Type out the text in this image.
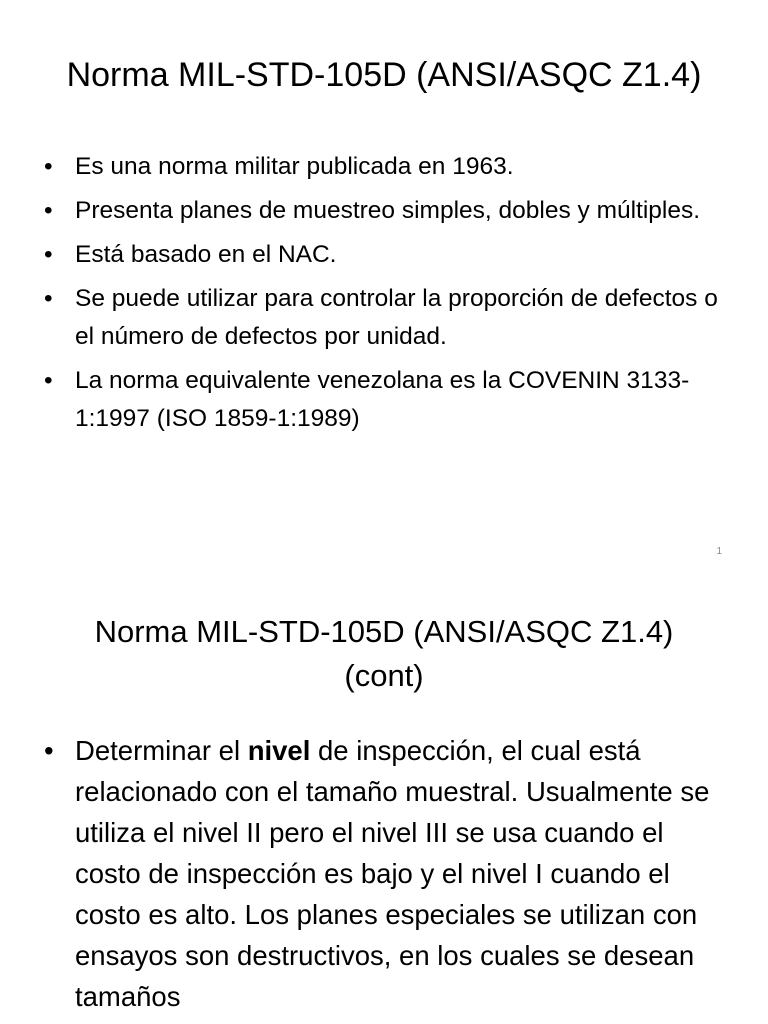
Norma MIL-STD-105D (ANSI/ASQC Z1.4)
• Es una norma militar publicada en 1963.
• Presenta planes de muestreo simples, dobles y múltiples.
• Está basado en el NAC.
• Se puede utilizar para controlar la proporción de defectos o el número de defectos por unidad.
• La norma equivalente venezolana es la COVENIN 3133-1:1997 (ISO 1859-1:1989)
1
Norma MIL-STD-105D (ANSI/ASQC Z1.4)
(cont)
• Determinar el nivel de inspección, el cual está relacionado con el tamaño muestral. Usualmente se utiliza el nivel II pero el nivel III se usa cuando el costo de inspección es bajo y el nivel I cuando el costo es alto. Los planes especiales se utilizan con ensayos son destructivos, en los cuales se desean tamaños
